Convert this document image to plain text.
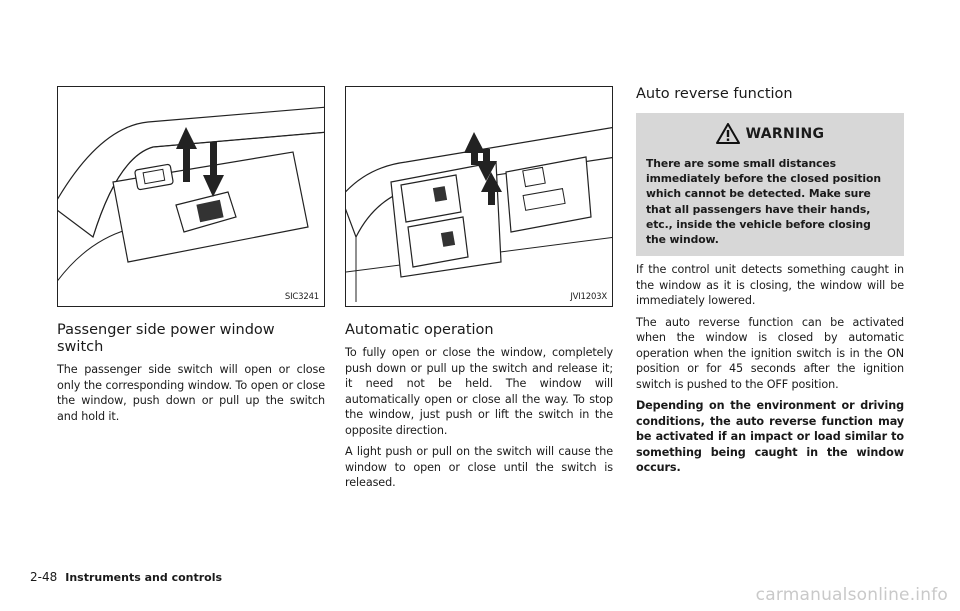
SIC3241
Passenger side power window switch

The passenger side switch will open or close only the corresponding window. To open or close the window, push down or pull up the switch and hold it.

JVI1203X
Automatic operation

To fully open or close the window, completely push down or pull up the switch and release it; it need not be held. The window will automatically open or close all the way. To stop the window, just push or lift the switch in the opposite direction.

A light push or pull on the switch will cause the window to open or close until the switch is released.

Auto reverse function
WARNING

There are some small distances immediately before the closed position which cannot be detected. Make sure that all passengers have their hands, etc., inside the vehicle before closing the window.

If the control unit detects something caught in the window as it is closing, the window will be immediately lowered.

The auto reverse function can be activated when the window is closed by automatic operation when the ignition switch is in the ON position or for 45 seconds after the ignition switch is pushed to the OFF position.

Depending on the environment or driving conditions, the auto reverse function may be activated if an impact or load similar to something being caught in the window occurs.

2-48 Instruments and controls
carmanualsonline.info
